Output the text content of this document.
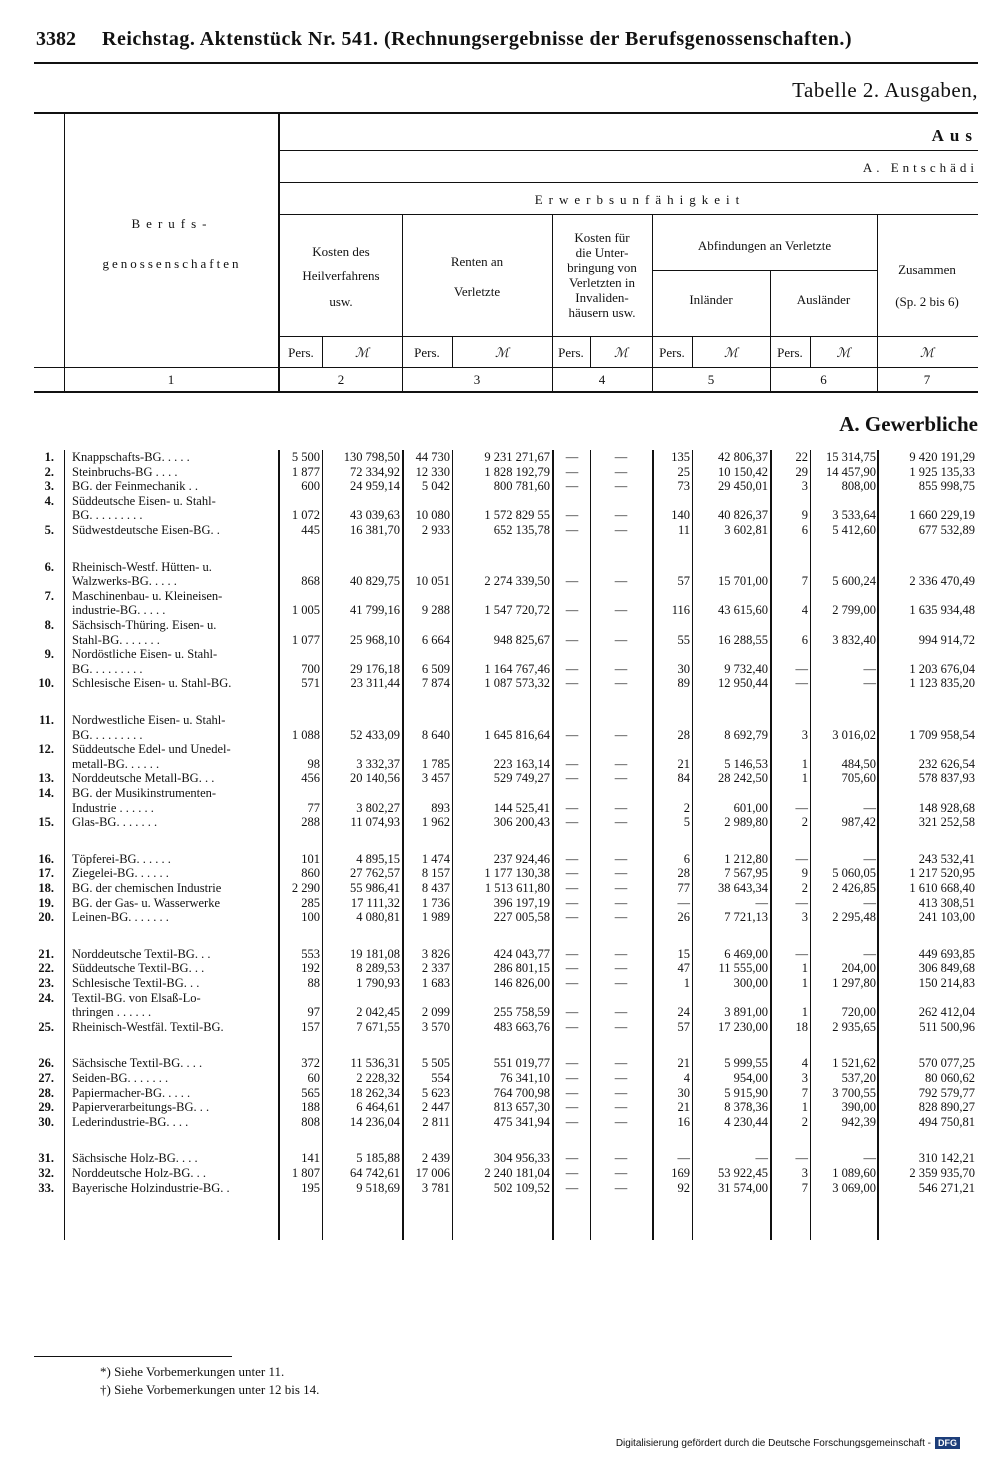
3382 Reichstag. Aktenstück Nr. 541. (Rechnungsergebnisse der Berufsgenossenschaften.)
Tabelle 2. Ausgaben,
Aus
A. Entschädi
Erwerbsunfähigkeit
Berufs-
genossenschaften
Kosten des
Heilverfahrens
usw.
Renten an
Verletzte
Kosten für
die Unter-
bringung von
Verletzten in
Invaliden-
häusern usw.
Abfindungen an Verletzte
Inländer	Ausländer
Zusammen
(Sp. 2 bis 6)
Pers.	ℳ	Pers.	ℳ	Pers.	ℳ	Pers.	ℳ	Pers.	ℳ	ℳ
1	2	3	4	5	6	7
A. Gewerbliche
1. Knappschafts-BG. . . . .	5 500	130 798,50	44 730	9 231 271,67	—	—	135	42 806,37	22	15 314,75	9 420 191,29
2. Steinbruchs-BG . . . .	1 877	72 334,92	12 330	1 828 192,79	—	—	25	10 150,42	29	14 457,90	1 925 135,33
3. BG. der Feinmechanik . .	600	24 959,14	5 042	800 781,60	—	—	73	29 450,01	3	808,00	855 998,75
4. Süddeutsche Eisen- u. Stahl-
BG. . . . . . . . .	1 072	43 039,63	10 080	1 572 829 55	—	—	140	40 826,37	9	3 533,64	1 660 229,19
5. Südwestdeutsche Eisen-BG. .	445	16 381,70	2 933	652 135,78	—	—	11	3 602,81	6	5 412,60	677 532,89
6. Rheinisch-Westf. Hütten- u.
Walzwerks-BG. . . . .	868	40 829,75	10 051	2 274 339,50	—	—	57	15 701,00	7	5 600,24	2 336 470,49
7. Maschinenbau- u. Kleineisen-
industrie-BG. . . . .	1 005	41 799,16	9 288	1 547 720,72	—	—	116	43 615,60	4	2 799,00	1 635 934,48
8. Sächsisch-Thüring. Eisen- u.
Stahl-BG. . . . . . .	1 077	25 968,10	6 664	948 825,67	—	—	55	16 288,55	6	3 832,40	994 914,72
9. Nordöstliche Eisen- u. Stahl-
BG. . . . . . . . .	700	29 176,18	6 509	1 164 767,46	—	—	30	9 732,40	—	—	1 203 676,04
10. Schlesische Eisen- u. Stahl-BG.	571	23 311,44	7 874	1 087 573,32	—	—	89	12 950,44	—	—	1 123 835,20
11. Nordwestliche Eisen- u. Stahl-
BG. . . . . . . . .	1 088	52 433,09	8 640	1 645 816,64	—	—	28	8 692,79	3	3 016,02	1 709 958,54
12. Süddeutsche Edel- und Unedel-
metall-BG. . . . . .	98	3 332,37	1 785	223 163,14	—	—	21	5 146,53	1	484,50	232 626,54
13. Norddeutsche Metall-BG. . .	456	20 140,56	3 457	529 749,27	—	—	84	28 242,50	1	705,60	578 837,93
14. BG. der Musikinstrumenten-
Industrie . . . . . .	77	3 802,27	893	144 525,41	—	—	2	601,00	—	—	148 928,68
15. Glas-BG. . . . . . .	288	11 074,93	1 962	306 200,43	—	—	5	2 989,80	2	987,42	321 252,58
16. Töpferei-BG. . . . . .	101	4 895,15	1 474	237 924,46	—	—	6	1 212,80	—	—	243 532,41
17. Ziegelei-BG. . . . . .	860	27 762,57	8 157	1 177 130,38	—	—	28	7 567,95	9	5 060,05	1 217 520,95
18. BG. der chemischen Industrie	2 290	55 986,41	8 437	1 513 611,80	—	—	77	38 643,34	2	2 426,85	1 610 668,40
19. BG. der Gas- u. Wasserwerke	285	17 111,32	1 736	396 197,19	—	—	—	—	—	—	413 308,51
20. Leinen-BG. . . . . . .	100	4 080,81	1 989	227 005,58	—	—	26	7 721,13	3	2 295,48	241 103,00
21. Norddeutsche Textil-BG. . .	553	19 181,08	3 826	424 043,77	—	—	15	6 469,00	—	—	449 693,85
22. Süddeutsche Textil-BG. . .	192	8 289,53	2 337	286 801,15	—	—	47	11 555,00	1	204,00	306 849,68
23. Schlesische Textil-BG. . .	88	1 790,93	1 683	146 826,00	—	—	1	300,00	1	1 297,80	150 214,83
24. Textil-BG. von Elsaß-Lo-
thringen . . . . . .	97	2 042,45	2 099	255 758,59	—	—	24	3 891,00	1	720,00	262 412,04
25. Rheinisch-Westfäl. Textil-BG.	157	7 671,55	3 570	483 663,76	—	—	57	17 230,00	18	2 935,65	511 500,96
26. Sächsische Textil-BG. . . .	372	11 536,31	5 505	551 019,77	—	—	21	5 999,55	4	1 521,62	570 077,25
27. Seiden-BG. . . . . . .	60	2 228,32	554	76 341,10	—	—	4	954,00	3	537,20	80 060,62
28. Papiermacher-BG. . . . .	565	18 262,34	5 623	764 700,98	—	—	30	5 915,90	7	3 700,55	792 579,77
29. Papierverarbeitungs-BG. . .	188	6 464,61	2 447	813 657,30	—	—	21	8 378,36	1	390,00	828 890,27
30. Lederindustrie-BG. . . .	808	14 236,04	2 811	475 341,94	—	—	16	4 230,44	2	942,39	494 750,81
31. Sächsische Holz-BG. . . .	141	5 185,88	2 439	304 956,33	—	—	—	—	—	—	310 142,21
32. Norddeutsche Holz-BG. . .	1 807	64 742,61	17 006	2 240 181,04	—	—	169	53 922,45	3	1 089,60	2 359 935,70
33. Bayerische Holzindustrie-BG. .	195	9 518,69	3 781	502 109,52	—	—	92	31 574,00	7	3 069,00	546 271,21
*) Siehe Vorbemerkungen unter 11.
†) Siehe Vorbemerkungen unter 12 bis 14.
Digitalisierung gefördert durch die Deutsche Forschungsgemeinschaft - DFG
